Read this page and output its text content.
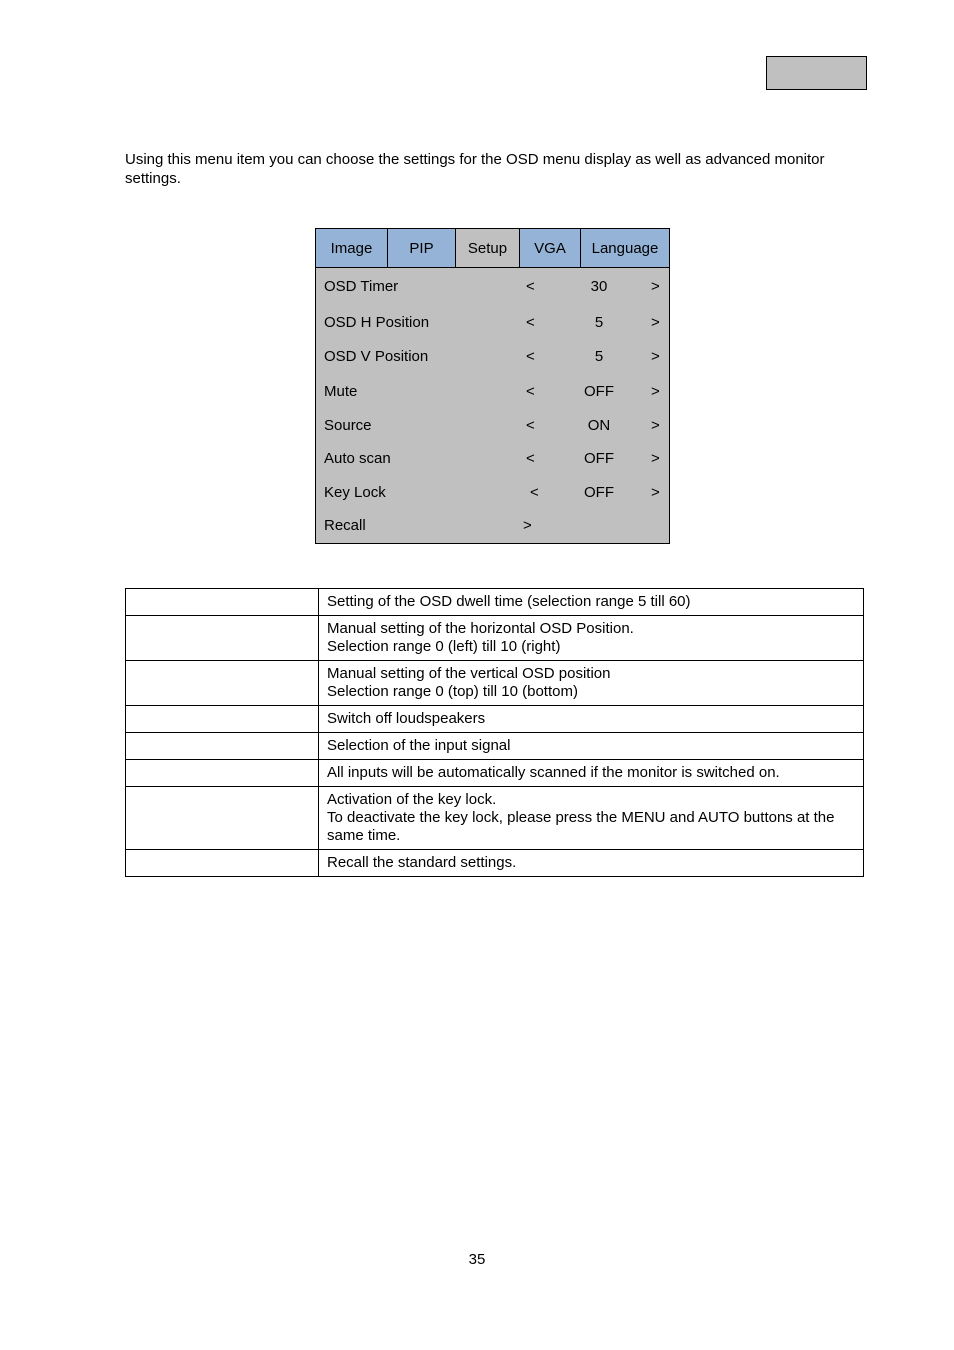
Using this menu item you can choose the settings for the OSD menu display as well as advanced monitor settings.

Image	PIP	Setup	VGA	Language
OSD Timer	<	30	>
OSD H Position	<	5	>
OSD V Position	<	5	>
Mute	<	OFF	>
Source	<	ON	>
Auto scan	<	OFF	>
Key Lock	<	OFF	>
Recall	>

	Setting of the OSD dwell time (selection range 5 till 60)

	Manual setting of the horizontal OSD Position.
Selection range 0 (left) till 10 (right)

	Manual setting of the vertical OSD position
Selection range 0 (top) till 10 (bottom)

	Switch off loudspeakers

	Selection of the input signal

	All inputs will be automatically scanned if the monitor is switched on.

	Activation of the key lock.
To deactivate the key lock, please press the MENU and AUTO buttons at the same time.

	Recall the standard settings.
35
